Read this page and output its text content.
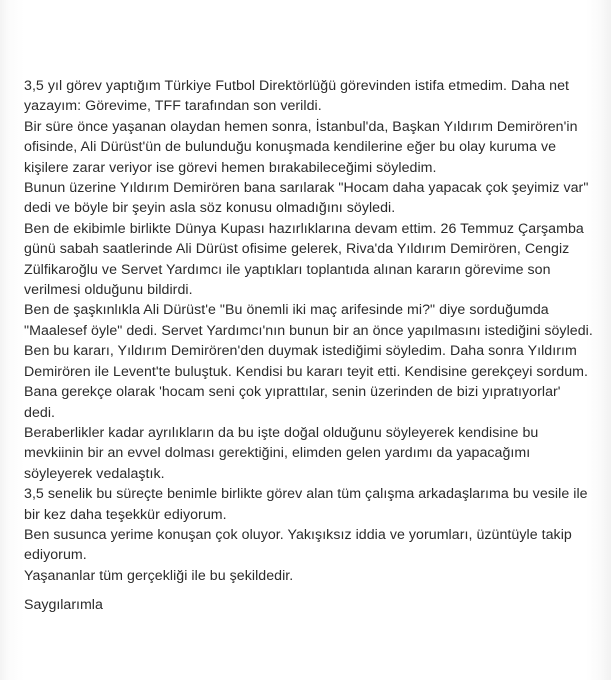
3,5 yıl görev yaptığım Türkiye Futbol Direktörlüğü görevinden istifa etmedim. Daha net
yazayım: Görevime, TFF tarafından son verildi.
Bir süre önce yaşanan olaydan hemen sonra, İstanbul'da, Başkan Yıldırım Demirören'in
ofisinde, Ali Dürüst'ün de bulunduğu konuşmada kendilerine eğer bu olay kuruma ve
kişilere zarar veriyor ise görevi hemen bırakabileceğimi söyledim.
Bunun üzerine Yıldırım Demirören bana sarılarak "Hocam daha yapacak çok şeyimiz var"
dedi ve böyle bir şeyin asla söz konusu olmadığını söyledi.
Ben de ekibimle birlikte Dünya Kupası hazırlıklarına devam ettim. 26 Temmuz Çarşamba
günü sabah saatlerinde Ali Dürüst ofisime gelerek, Riva'da Yıldırım Demirören, Cengiz
Zülfikaroğlu ve Servet Yardımcı ile yaptıkları toplantıda alınan kararın görevime son
verilmesi olduğunu bildirdi.
Ben de şaşkınlıkla Ali Dürüst'e "Bu önemli iki maç arifesinde mi?" diye sorduğumda
"Maalesef öyle" dedi. Servet Yardımcı'nın bunun bir an önce yapılmasını istediğini söyledi.
Ben bu kararı, Yıldırım Demirören'den duymak istediğimi söyledim. Daha sonra Yıldırım
Demirören ile Levent'te buluştuk. Kendisi bu kararı teyit etti. Kendisine gerekçeyi sordum.
Bana gerekçe olarak 'hocam seni çok yıprattılar, senin üzerinden de bizi yıpratıyorlar'
dedi.
Beraberlikler kadar ayrılıkların da bu işte doğal olduğunu söyleyerek kendisine bu
mevkiinin bir an evvel dolması gerektiğini, elimden gelen yardımı da yapacağımı
söyleyerek vedalaştık.
3,5 senelik bu süreçte benimle birlikte görev alan tüm çalışma arkadaşlarıma bu vesile ile
bir kez daha teşekkür ediyorum.
Ben susunca yerime konuşan çok oluyor. Yakışıksız iddia ve yorumları, üzüntüyle takip
ediyorum.
Yaşananlar tüm gerçekliği ile bu şekildedir.
Saygılarımla
